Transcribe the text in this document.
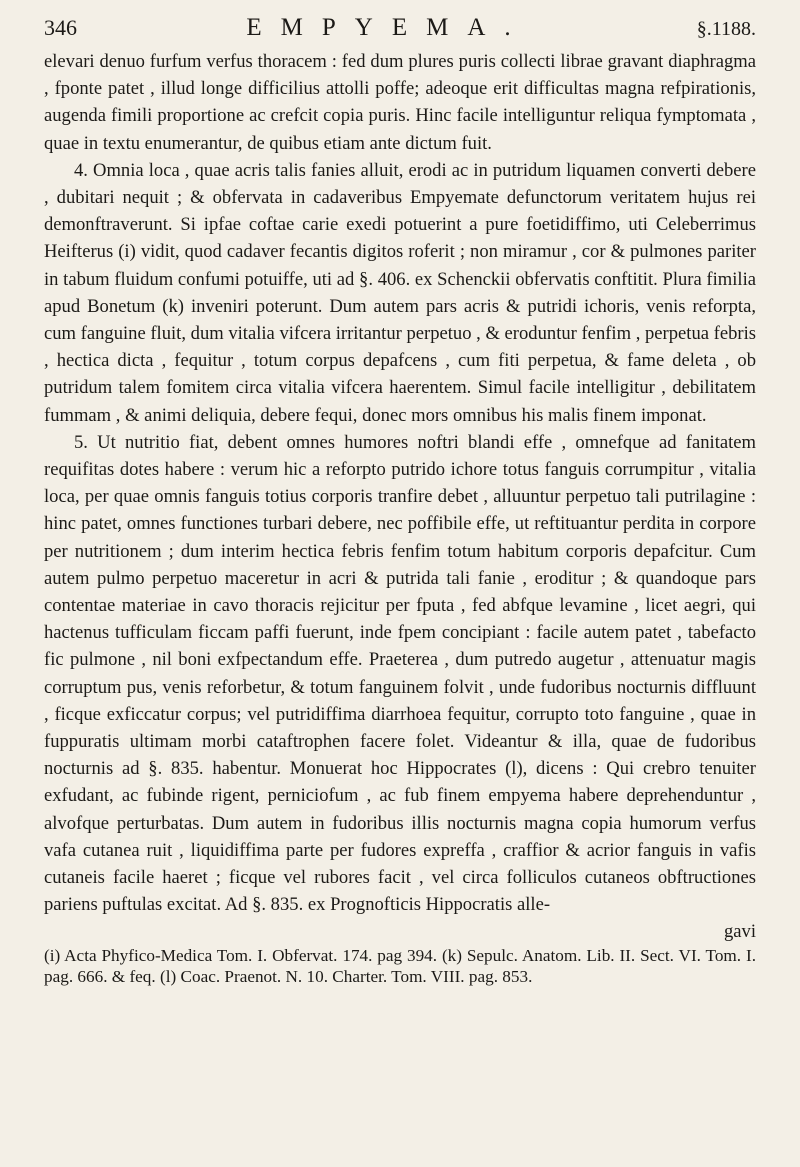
346	EMPYEMA.	§.1188.

elevari denuo furfum verfus thoracem : fed dum plures puris collecti librae gravant diaphragma , fponte patet , illud longe difficilius attolli poffe; adeoque erit difficultas magna refpirationis, augenda fimili proportione ac crefcit copia puris. Hinc facile intelliguntur reliqua fymptomata , quae in textu enumerantur, de quibus etiam ante dictum fuit.

4. Omnia loca , quae acris talis fanies alluit, erodi ac in putridum liquamen converti debere , dubitari nequit ; & obfervata in cadaveribus Empyemate defunctorum veritatem hujus rei demonftraverunt. Si ipfae coftae carie exedi potuerint a pure foetidiffimo, uti Celeberrimus Heifterus (i) vidit, quod cadaver fecantis digitos roferit ; non miramur , cor & pulmones pariter in tabum fluidum confumi potuiffe, uti ad §. 406. ex Schenckii obfervatis conftitit. Plura fimilia apud Bonetum (k) inveniri poterunt. Dum autem pars acris & putridi ichoris, venis reforpta, cum fanguine fluit, dum vitalia vifcera irritantur perpetuo , & eroduntur fenfim , perpetua febris , hectica dicta , fequitur , totum corpus depafcens , cum fiti perpetua, & fame deleta , ob putridum talem fomitem circa vitalia vifcera haerentem. Simul facile intelligitur , debilitatem fummam , & animi deliquia, debere fequi, donec mors omnibus his malis finem imponat.

5. Ut nutritio fiat, debent omnes humores noftri blandi effe , omnefque ad fanitatem requifitas dotes habere : verum hic a reforpto putrido ichore totus fanguis corrumpitur , vitalia loca, per quae omnis fanguis totius corporis tranfire debet , alluuntur perpetuo tali putrilagine : hinc patet, omnes functiones turbari debere, nec poffibile effe, ut reftituantur perdita in corpore per nutritionem ; dum interim hectica febris fenfim totum habitum corporis depafcitur. Cum autem pulmo perpetuo maceretur in acri & putrida tali fanie , eroditur ; & quandoque pars contentae materiae in cavo thoracis rejicitur per fputa , fed abfque levamine , licet aegri, qui hactenus tufficulam ficcam paffi fuerunt, inde fpem concipiant : facile autem patet , tabefacto fic pulmone , nil boni exfpectandum effe. Praeterea , dum putredo augetur , attenuatur magis corruptum pus, venis reforbetur, & totum fanguinem folvit , unde fudoribus nocturnis diffluunt , ficque exficcatur corpus; vel putridiffima diarrhoea fequitur, corrupto toto fanguine , quae in fuppuratis ultimam morbi cataftrophen facere folet. Videantur & illa, quae de fudoribus nocturnis ad §. 835. habentur. Monuerat hoc Hippocrates (l), dicens : Qui crebro tenuiter exfudant, ac fubinde rigent, perniciofum , ac fub finem empyema habere deprehenduntur , alvofque perturbatas. Dum autem in fudoribus illis nocturnis magna copia humorum verfus vafa cutanea ruit , liquidiffima parte per fudores expreffa , craffior & acrior fanguis in vafis cutaneis facile haeret ; ficque vel rubores facit , vel circa folliculos cutaneos obftructiones pariens puftulas excitat. Ad §. 835. ex Prognofticis Hippocratis alle-

gavi

(i) Acta Phyfico-Medica Tom. I. Obfervat. 174. pag 394. (k) Sepulc. Anatom. Lib. II. Sect. VI. Tom. I. pag. 666. & feq. (l) Coac. Praenot. N. 10. Charter. Tom. VIII. pag. 853.
